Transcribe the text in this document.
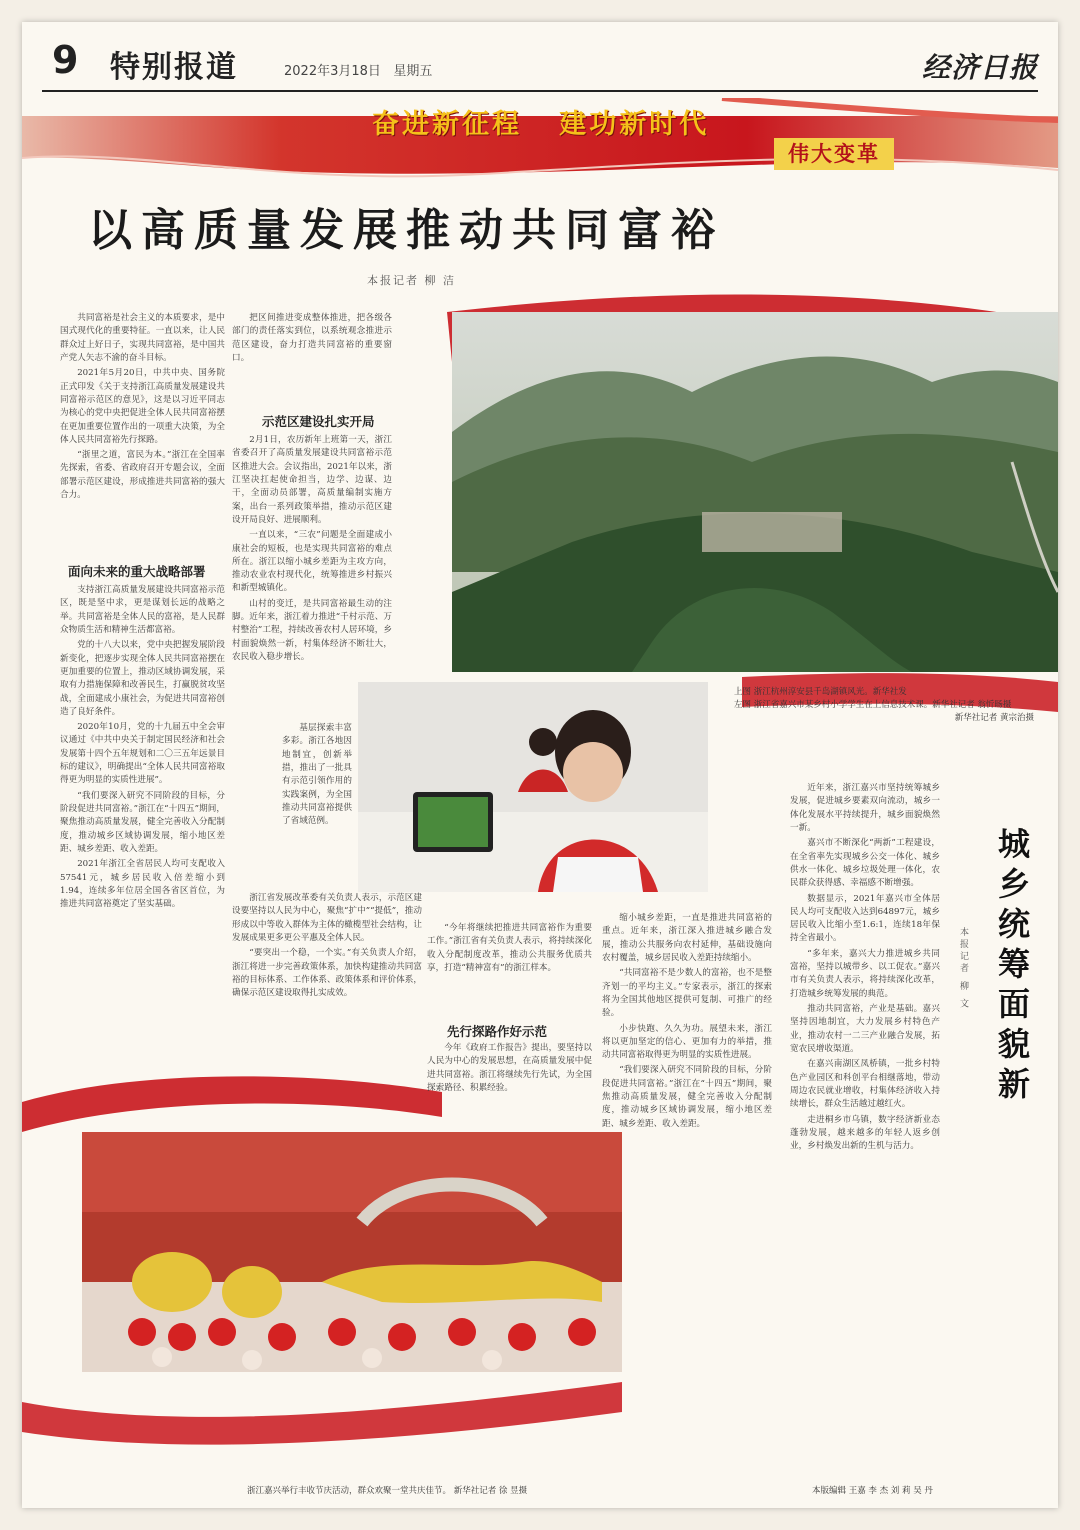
9 特别报道	2022年3月18日 星期五	经济日报
奋进新征程 建功新时代
伟大变革
以高质量发展推动共同富裕
本报记者 柳 洁

共同富裕是社会主义的本质要求，是中国式现代化的重要特征。一直以来，让人民群众过上好日子，实现共同富裕，是中国共产党人矢志不渝的奋斗目标。

2021年5月20日，中共中央、国务院正式印发《关于支持浙江高质量发展建设共同富裕示范区的意见》，这是以习近平同志为核心的党中央把促进全体人民共同富裕摆在更加重要位置作出的一项重大决策，为全体人民共同富裕先行探路。

“浙里之道，富民为本。”浙江在全国率先探索，省委、省政府召开专题会议，全面部署示范区建设，形成推进共同富裕的强大合力。

面向未来的重大战略部署

支持浙江高质量发展建设共同富裕示范区，既是坚中求，更是谋划长远的战略之举。共同富裕是全体人民的富裕，是人民群众物质生活和精神生活都富裕。

党的十八大以来，党中央把握发展阶段新变化，把逐步实现全体人民共同富裕摆在更加重要的位置上，推动区域协调发展，采取有力措施保障和改善民生，打赢脱贫攻坚战，全面建成小康社会，为促进共同富裕创造了良好条件。

2020年10月，党的十九届五中全会审议通过《中共中央关于制定国民经济和社会发展第十四个五年规划和二〇三五年远景目标的建议》，明确提出“全体人民共同富裕取得更为明显的实质性进展”。

“我们要深入研究不同阶段的目标，分阶段促进共同富裕。”浙江在“十四五”期间，聚焦推动高质量发展，健全完善收入分配制度，推动城乡区域协调发展，缩小地区差距、城乡差距、收入差距。

2021年浙江全省居民人均可支配收入57541元，城乡居民收入倍差缩小到1.94，连续多年位居全国各省区首位，为推进共同富裕奠定了坚实基础。

把区间推进变成整体推进，把各级各部门的责任落实到位，以系统观念推进示范区建设，奋力打造共同富裕的重要窗口。

示范区建设扎实开局

2月1日，农历新年上班第一天，浙江省委召开了高质量发展建设共同富裕示范区推进大会。会议指出，2021年以来，浙江坚决扛起使命担当，边学、边谋、边干，全面动员部署，高质量编制实施方案，出台一系列政策举措，推动示范区建设开局良好、进展顺利。

一直以来，“三农”问题是全面建成小康社会的短板，也是实现共同富裕的难点所在。浙江以缩小城乡差距为主攻方向，推动农业农村现代化，统筹推进乡村振兴和新型城镇化。

山村的变迁，是共同富裕最生动的注脚。近年来，浙江着力推进“千村示范、万村整治”工程，持续改善农村人居环境，乡村面貌焕然一新，村集体经济不断壮大，农民收入稳步增长。

浙江省发展改革委有关负责人表示，示范区建设要坚持以人民为中心，聚焦“扩中”“提低”，推动形成以中等收入群体为主体的橄榄型社会结构，让发展成果更多更公平惠及全体人民。

“要突出一个稳，一个实。”有关负责人介绍，浙江将进一步完善政策体系，加快构建推动共同富裕的目标体系、工作体系、政策体系和评价体系，确保示范区建设取得扎实成效。

基层探索丰富多彩。浙江各地因地制宜，创新举措，推出了一批具有示范引领作用的实践案例，为全国推动共同富裕提供了省域范例。

“今年将继续把推进共同富裕作为重要工作。”浙江省有关负责人表示，将持续深化收入分配制度改革，推动公共服务优质共享，打造“精神富有”的浙江样本。

先行探路作好示范

今年《政府工作报告》提出，要坚持以人民为中心的发展思想，在高质量发展中促进共同富裕。浙江将继续先行先试，为全国探索路径、积累经验。

缩小城乡差距，一直是推进共同富裕的重点。近年来，浙江深入推进城乡融合发展，推动公共服务向农村延伸，基础设施向农村覆盖，城乡居民收入差距持续缩小。

“共同富裕不是少数人的富裕，也不是整齐划一的平均主义。”专家表示，浙江的探索将为全国其他地区提供可复制、可推广的经验。

小步快跑、久久为功。展望未来，浙江将以更加坚定的信心、更加有力的举措，推动共同富裕取得更为明显的实质性进展。

“我们要深入研究不同阶段的目标，分阶段促进共同富裕。”浙江在“十四五”期间，聚焦推动高质量发展，健全完善收入分配制度，推动城乡区域协调发展，缩小地区差距、城乡差距、收入差距。

上图 浙江杭州淳安县千岛湖镇风光。新华社发
左图 浙江省嘉兴市某乡村小学学生在上信息技术课。新华社记者 翁忻旸摄
新华社记者 黄宗治摄

近年来，浙江嘉兴市坚持统筹城乡发展，促进城乡要素双向流动，城乡一体化发展水平持续提升，城乡面貌焕然一新。

嘉兴市不断深化“两新”工程建设，在全省率先实现城乡公交一体化、城乡供水一体化、城乡垃圾处理一体化，农民群众获得感、幸福感不断增强。

数据显示，2021年嘉兴市全体居民人均可支配收入达到64897元，城乡居民收入比缩小至1.6:1，连续18年保持全省最小。

“多年来，嘉兴大力推进城乡共同富裕，坚持以城带乡、以工促农。”嘉兴市有关负责人表示，将持续深化改革，打造城乡统筹发展的典范。

推动共同富裕，产业是基础。嘉兴坚持因地制宜，大力发展乡村特色产业，推动农村一二三产业融合发展，拓宽农民增收渠道。

在嘉兴南湖区凤桥镇，一批乡村特色产业园区和科创平台相继落地，带动周边农民就业增收，村集体经济收入持续增长，群众生活越过越红火。

走进桐乡市乌镇，数字经济新业态蓬勃发展，越来越多的年轻人返乡创业，乡村焕发出新的生机与活力。

城乡统筹面貌新
本报记者 柳 文
浙江嘉兴举行丰收节庆活动，群众欢聚一堂共庆佳节。 新华社记者 徐 昱摄	本版编辑 王嘉 李 杰 刘 莉 吴 丹
